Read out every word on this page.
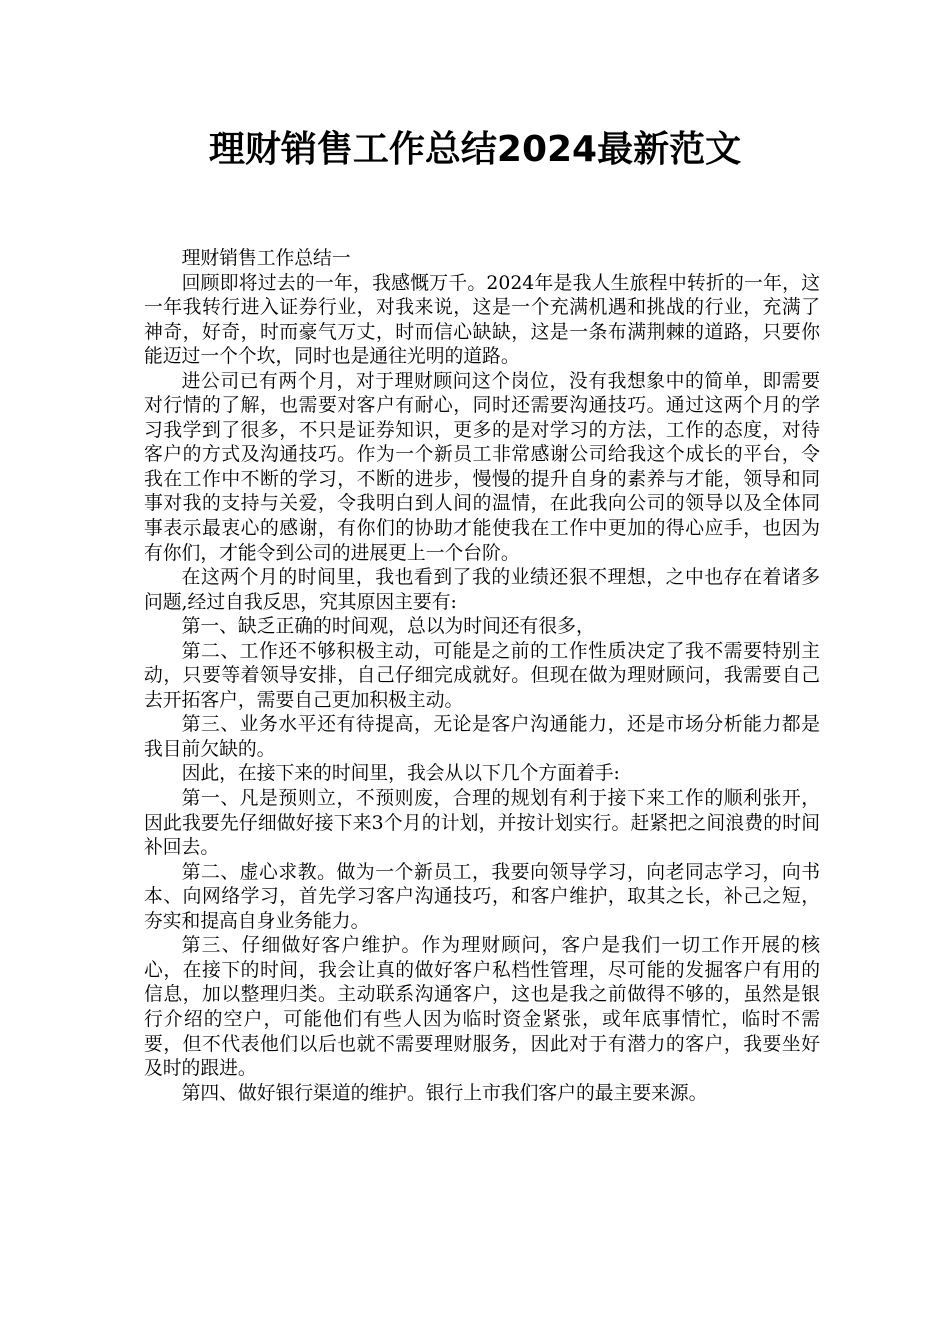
理财销售工作总结2024最新范文

理财销售工作总结一

回顾即将过去的一年，我感慨万千。2024年是我人生旅程中转折的一年，这一年我转行进入证券行业，对我来说，这是一个充满机遇和挑战的行业，充满了神奇，好奇，时而豪气万丈，时而信心缺缺，这是一条布满荆棘的道路，只要你能迈过一个个坎，同时也是通往光明的道路。

进公司已有两个月，对于理财顾问这个岗位，没有我想象中的简单，即需要对行情的了解，也需要对客户有耐心，同时还需要沟通技巧。通过这两个月的学习我学到了很多，不只是证券知识，更多的是对学习的方法，工作的态度，对待客户的方式及沟通技巧。作为一个新员工非常感谢公司给我这个成长的平台，令我在工作中不断的学习，不断的进步，慢慢的提升自身的素养与才能，领导和同事对我的支持与关爱，令我明白到人间的温情，在此我向公司的领导以及全体同事表示最衷心的感谢，有你们的协助才能使我在工作中更加的得心应手，也因为有你们，才能令到公司的进展更上一个台阶。

在这两个月的时间里，我也看到了我的业绩还狠不理想，之中也存在着诸多问题,经过自我反思，究其原因主要有:

第一、缺乏正确的时间观，总以为时间还有很多，

第二、工作还不够积极主动，可能是之前的工作性质决定了我不需要特别主动，只要等着领导安排，自己仔细完成就好。但现在做为理财顾问，我需要自己去开拓客户，需要自己更加积极主动。

第三、业务水平还有待提高，无论是客户沟通能力，还是市场分析能力都是我目前欠缺的。

因此，在接下来的时间里，我会从以下几个方面着手:

第一、凡是预则立，不预则废，合理的规划有利于接下来工作的顺利张开，因此我要先仔细做好接下来3个月的计划，并按计划实行。赶紧把之间浪费的时间补回去。

第二、虚心求教。做为一个新员工，我要向领导学习，向老同志学习，向书本、向网络学习，首先学习客户沟通技巧，和客户维护，取其之长，补己之短，夯实和提高自身业务能力。

第三、仔细做好客户维护。作为理财顾问，客户是我们一切工作开展的核心，在接下的时间，我会让真的做好客户私档性管理，尽可能的发掘客户有用的信息，加以整理归类。主动联系沟通客户，这也是我之前做得不够的，虽然是银行介绍的空户，可能他们有些人因为临时资金紧张，或年底事情忙，临时不需要，但不代表他们以后也就不需要理财服务，因此对于有潜力的客户，我要坐好及时的跟进。

第四、做好银行渠道的维护。银行上市我们客户的最主要来源。
